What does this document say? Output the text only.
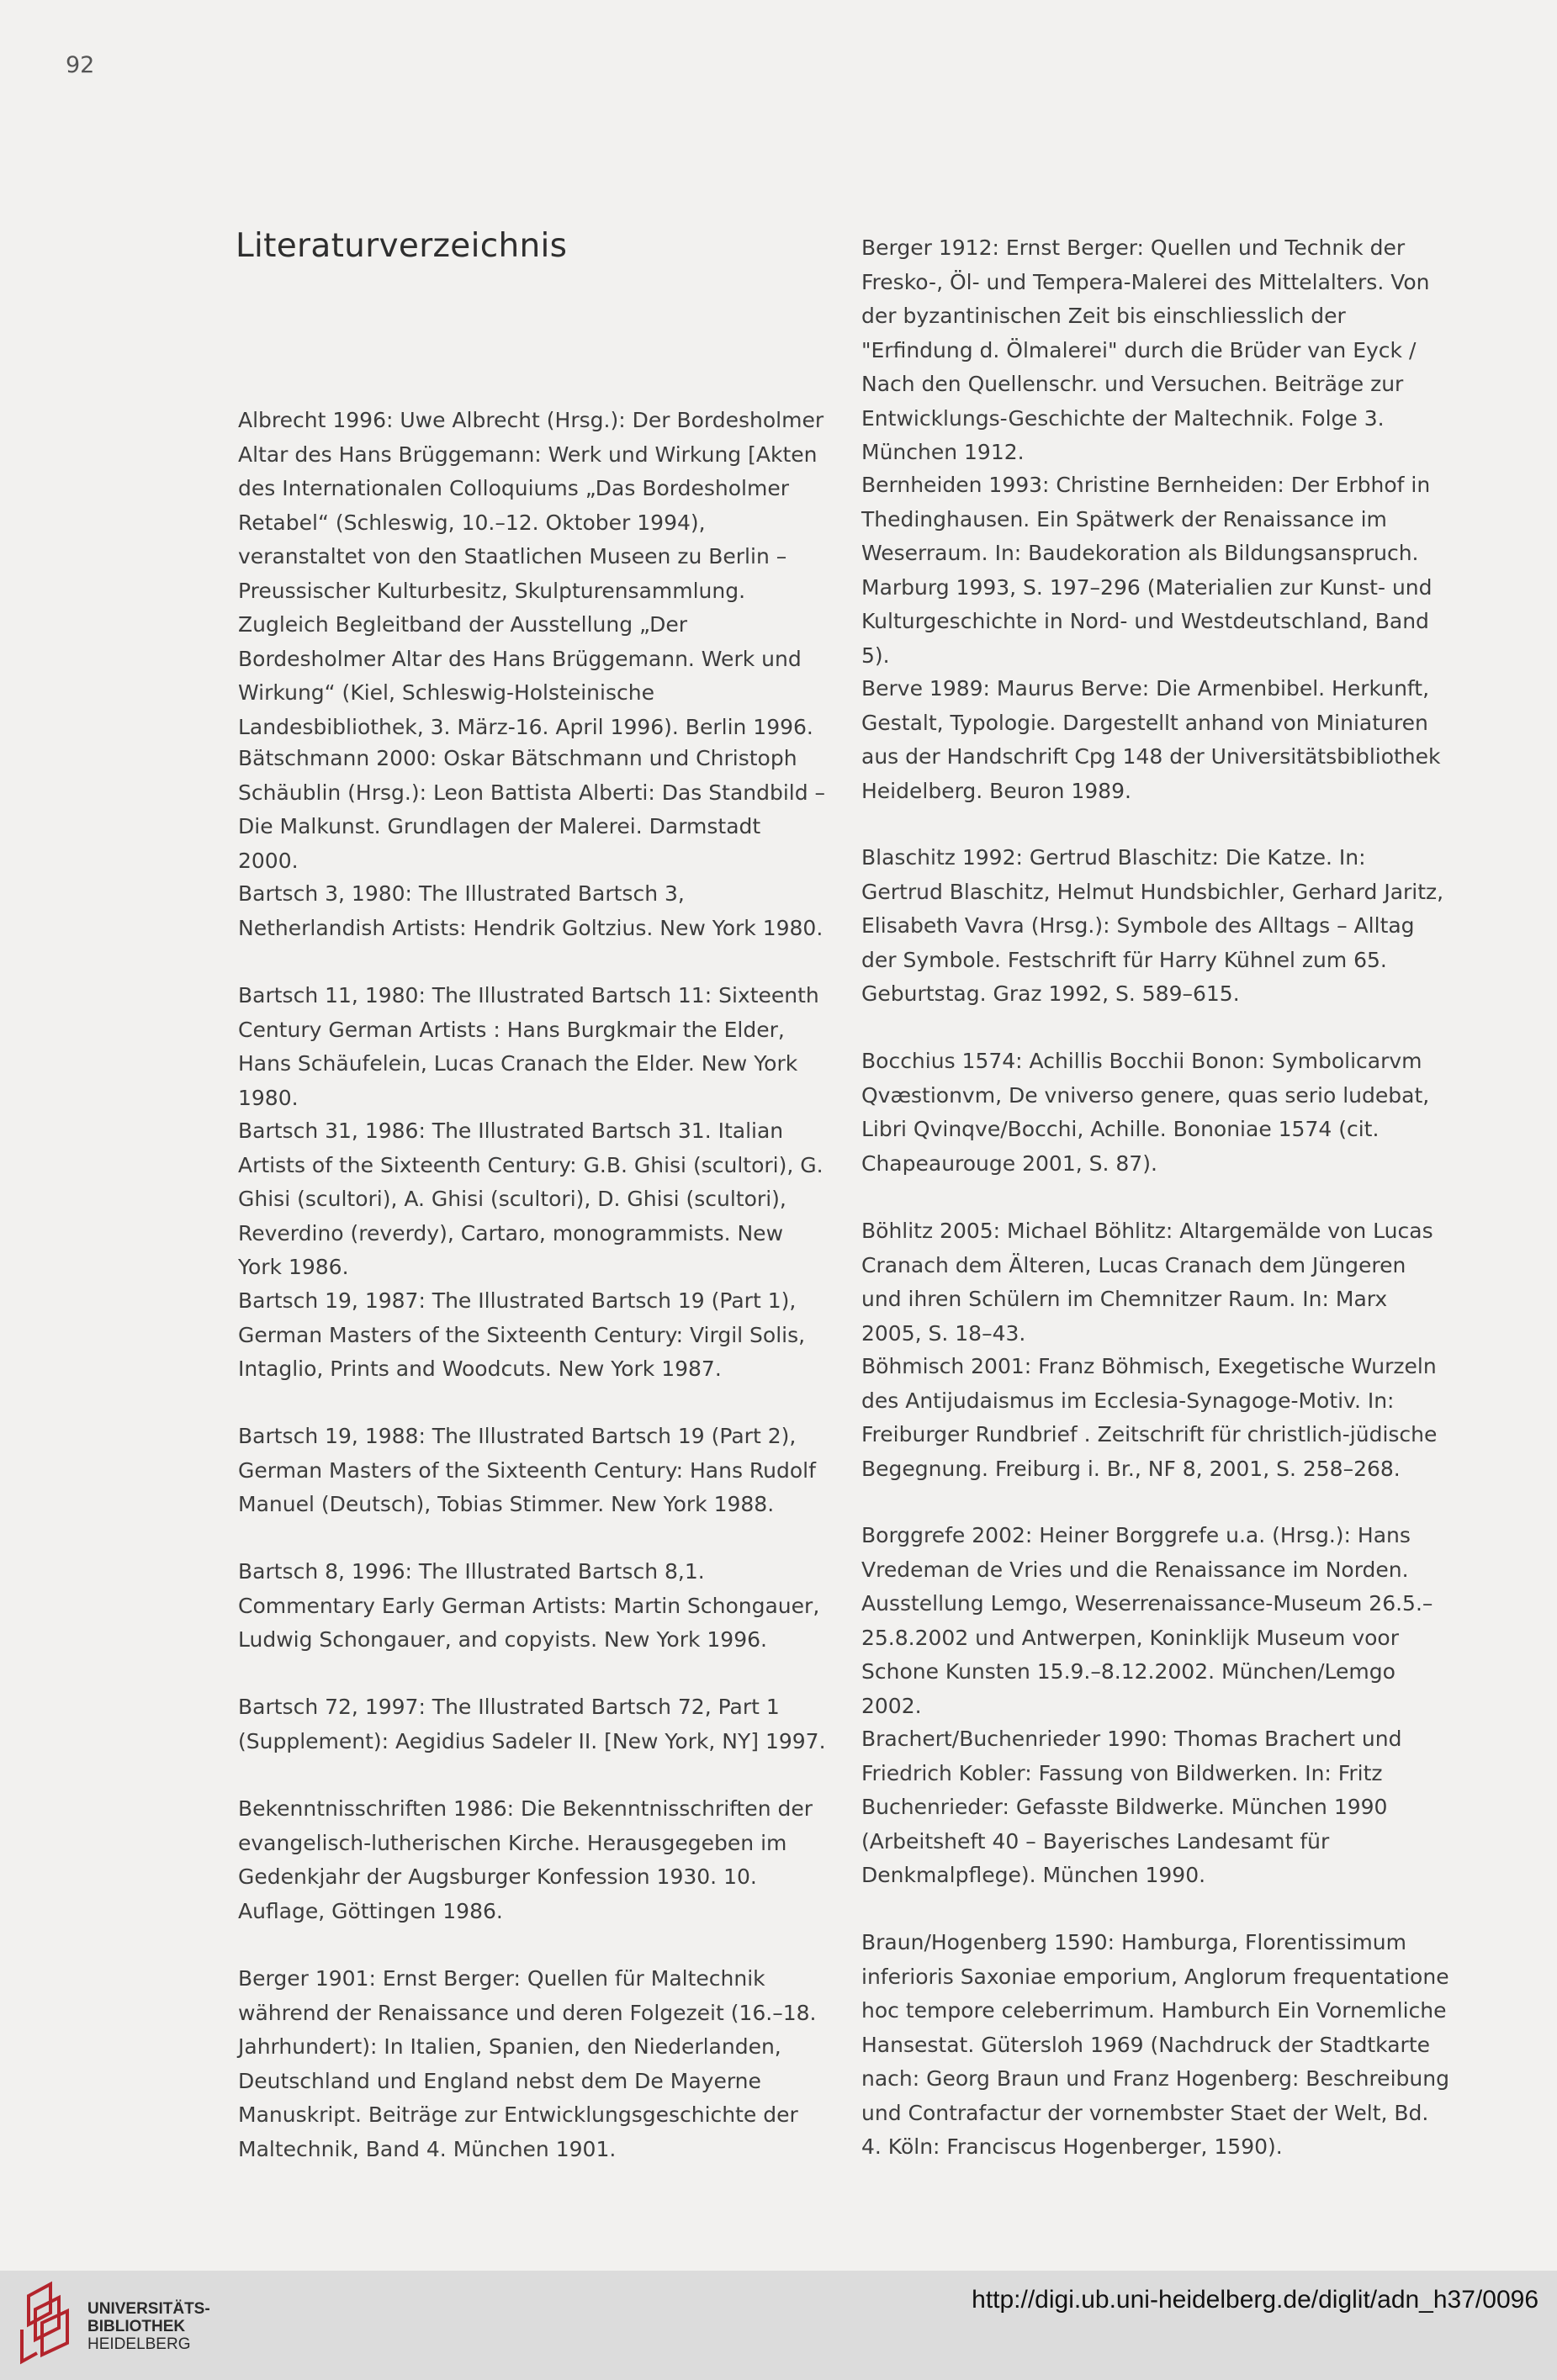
92
Literaturverzeichnis

Albrecht 1996: Uwe Albrecht (Hrsg.): Der Bordesholmer Altar des Hans Brüggemann: Werk und Wirkung [Akten des Internationalen Colloquiums „Das Bordesholmer Retabel“ (Schleswig, 10.–12. Oktober 1994), veranstaltet von den Staatlichen Museen zu Berlin – Preussischer Kulturbesitz, Skulpturensammlung. Zugleich Begleitband der Ausstellung „Der Bordesholmer Altar des Hans Brüggemann. Werk und Wirkung“ (Kiel, Schleswig-Holsteinische Landesbibliothek, 3. März-16. April 1996). Berlin 1996.

Bätschmann 2000: Oskar Bätschmann und Christoph Schäublin (Hrsg.): Leon Battista Alberti: Das Standbild – Die Malkunst. Grundlagen der Malerei. Darmstadt 2000.

Bartsch 3, 1980: The Illustrated Bartsch 3, Netherlandish Artists: Hendrik Goltzius. New York 1980.

Bartsch 11, 1980: The Illustrated Bartsch 11: Sixteenth Century German Artists : Hans Burgkmair the Elder, Hans Schäufelein, Lucas Cranach the Elder. New York 1980.

Bartsch 31, 1986: The Illustrated Bartsch 31. Italian Artists of the Sixteenth Century: G.B. Ghisi (scultori), G. Ghisi (scultori), A. Ghisi (scultori), D. Ghisi (scultori), Reverdino (reverdy), Cartaro, monogrammists. New York 1986.

Bartsch 19, 1987: The Illustrated Bartsch 19 (Part 1), German Masters of the Sixteenth Century: Virgil Solis, Intaglio, Prints and Woodcuts. New York 1987.

Bartsch 19, 1988: The Illustrated Bartsch 19 (Part 2), German Masters of the Sixteenth Century: Hans Rudolf Manuel (Deutsch), Tobias Stimmer. New York 1988.

Bartsch 8, 1996: The Illustrated Bartsch 8,1. Commentary Early German Artists: Martin Schongauer, Ludwig Schongauer, and copyists. New York 1996.

Bartsch 72, 1997: The Illustrated Bartsch 72, Part 1 (Supplement): Aegidius Sadeler II. [New York, NY] 1997.

Bekenntnisschriften 1986: Die Bekenntnisschriften der evangelisch-lutherischen Kirche. Herausgegeben im Gedenkjahr der Augsburger Konfession 1930. 10. Auflage, Göttingen 1986.

Berger 1901: Ernst Berger: Quellen für Maltechnik während der Renaissance und deren Folgezeit (16.–18. Jahrhundert): In Italien, Spanien, den Niederlanden, Deutschland und England nebst dem De Mayerne Manuskript. Beiträge zur Entwicklungsgeschichte der Maltechnik, Band 4. München 1901.

Berger 1912: Ernst Berger: Quellen und Technik der Fresko-, Öl- und Tempera-Malerei des Mittelalters. Von der byzantinischen Zeit bis einschliesslich der "Erfindung d. Ölmalerei" durch die Brüder van Eyck / Nach den Quellenschr. und Versuchen. Beiträge zur Entwicklungs-Geschichte der Maltechnik. Folge 3. München 1912.

Bernheiden 1993: Christine Bernheiden: Der Erbhof in Thedinghausen. Ein Spätwerk der Renaissance im Weserraum. In: Baudekoration als Bildungsanspruch. Marburg 1993, S. 197–296 (Materialien zur Kunst- und Kulturgeschichte in Nord- und Westdeutschland, Band 5).

Berve 1989: Maurus Berve: Die Armenbibel. Herkunft, Gestalt, Typologie. Dargestellt anhand von Miniaturen aus der Handschrift Cpg 148 der Universitätsbibliothek Heidelberg. Beuron 1989.

Blaschitz 1992: Gertrud Blaschitz: Die Katze. In: Gertrud Blaschitz, Helmut Hundsbichler, Gerhard Jaritz, Elisabeth Vavra (Hrsg.): Symbole des Alltags – Alltag der Symbole. Festschrift für Harry Kühnel zum 65. Geburtstag. Graz 1992, S. 589–615.

Bocchius 1574: Achillis Bocchii Bonon: Symbolicarvm Qvæstionvm, De vniverso genere, quas serio ludebat, Libri Qvinqve/Bocchi, Achille. Bononiae 1574 (cit. Chapeaurouge 2001, S. 87).

Böhlitz 2005: Michael Böhlitz: Altargemälde von Lucas Cranach dem Älteren, Lucas Cranach dem Jüngeren und ihren Schülern im Chemnitzer Raum. In: Marx 2005, S. 18–43.

Böhmisch 2001: Franz Böhmisch, Exegetische Wurzeln des Antijudaismus im Ecclesia-Synagoge-Motiv. In: Freiburger Rundbrief . Zeitschrift für christlich-jüdische Begegnung. Freiburg i. Br., NF 8, 2001, S. 258–268.

Borggrefe 2002: Heiner Borggrefe u.a. (Hrsg.): Hans Vredeman de Vries und die Renaissance im Norden. Ausstellung Lemgo, Weserrenaissance-Museum 26.5.–25.8.2002 und Antwerpen, Koninklijk Museum voor Schone Kunsten 15.9.–8.12.2002. München/Lemgo 2002.

Brachert/Buchenrieder 1990: Thomas Brachert und Friedrich Kobler: Fassung von Bildwerken. In: Fritz Buchenrieder: Gefasste Bildwerke. München 1990 (Arbeitsheft 40 – Bayerisches Landesamt für Denkmalpflege). München 1990.

Braun/Hogenberg 1590: Hamburga, Florentissimum inferioris Saxoniae emporium, Anglorum frequentatione hoc tempore celeberrimum. Hamburch Ein Vornemliche Hansestat. Gütersloh 1969 (Nachdruck der Stadtkarte nach: Georg Braun und Franz Hogenberg: Beschreibung und Contrafactur der vornembster Staet der Welt, Bd. 4. Köln: Franciscus Hogenberger, 1590).

UNIVERSITÄTS-
BIBLIOTHEK
HEIDELBERG
http://digi.ub.uni-heidelberg.de/diglit/adn_h37/0096
